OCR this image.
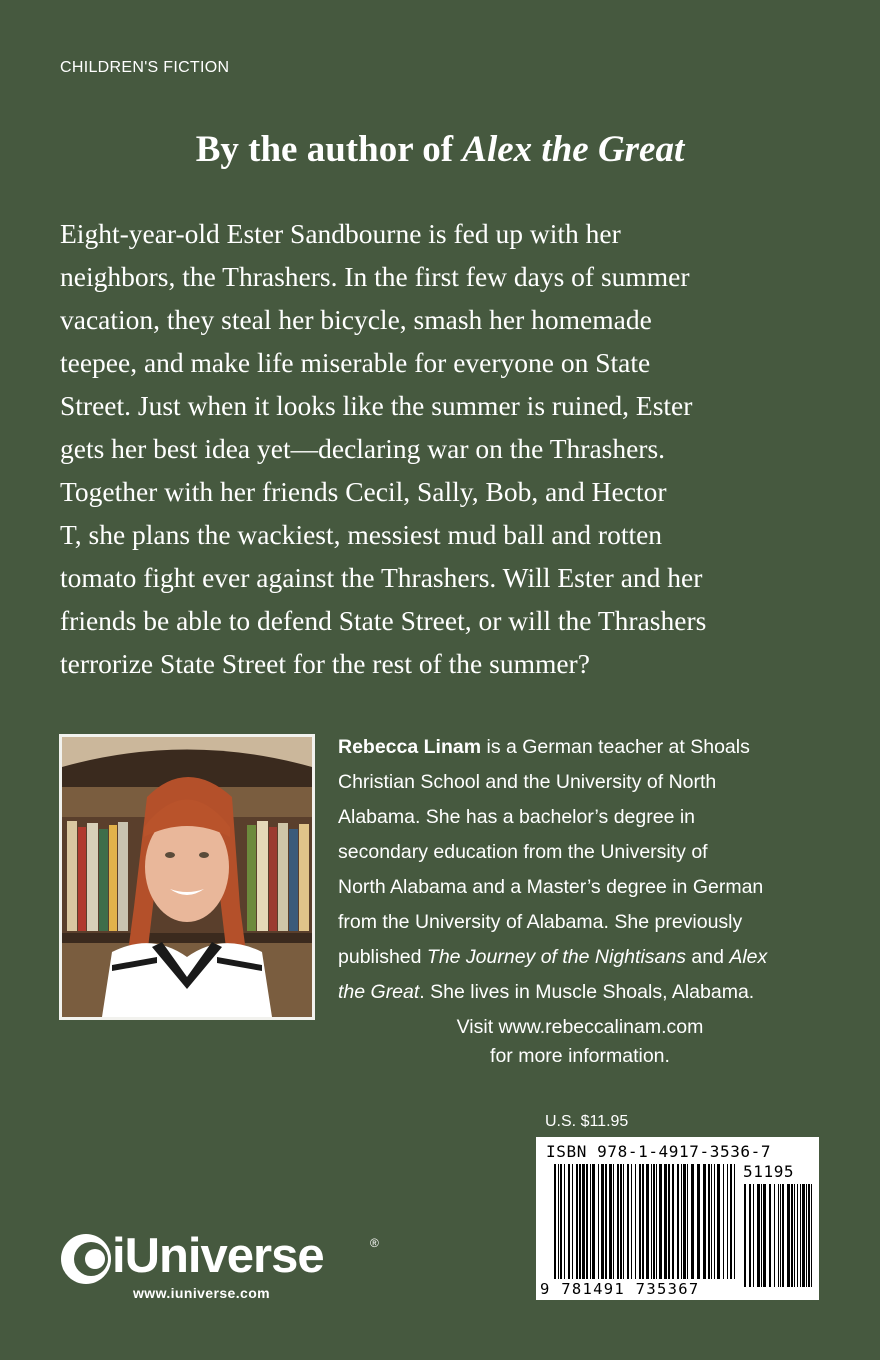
CHILDREN'S FICTION
By the author of Alex the Great
Eight-year-old Ester Sandbourne is fed up with her
neighbors, the Thrashers. In the first few days of summer
vacation, they steal her bicycle, smash her homemade
teepee, and make life miserable for everyone on State
Street. Just when it looks like the summer is ruined, Ester
gets her best idea yet—declaring war on the Thrashers.
Together with her friends Cecil, Sally, Bob, and Hector
T, she plans the wackiest, messiest mud ball and rotten
tomato fight ever against the Thrashers. Will Ester and her
friends be able to defend State Street, or will the Thrashers
terrorize State Street for the rest of the summer?
Rebecca Linam is a German teacher at Shoals
Christian School and the University of North
Alabama. She has a bachelor’s degree in
secondary education from the University of
North Alabama and a Master’s degree in German
from the University of Alabama. She previously
published The Journey of the Nightisans and Alex
the Great. She lives in Muscle Shoals, Alabama.
Visit www.rebeccalinam.com
for more information.
U.S. $11.95
ISBN 978-1-4917-3536-7
51195
9 781491 735367
iUniverse	®
www.iuniverse.com
